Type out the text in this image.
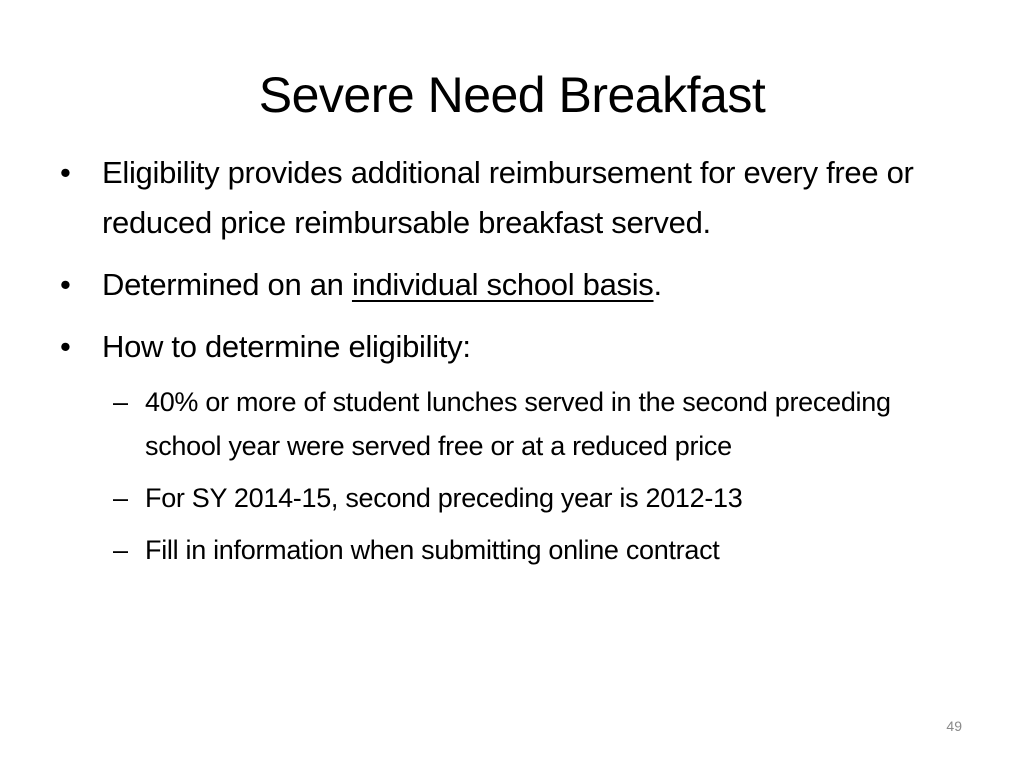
Severe Need Breakfast
•	Eligibility provides additional reimbursement for every free or reduced price reimbursable breakfast served.
•	Determined on an individual school basis.
•	How to determine eligibility:
– 40% or more of student lunches served in the second preceding school year were served free or at a reduced price
– For SY 2014-15, second preceding year is 2012-13
– Fill in information when submitting online contract
49
